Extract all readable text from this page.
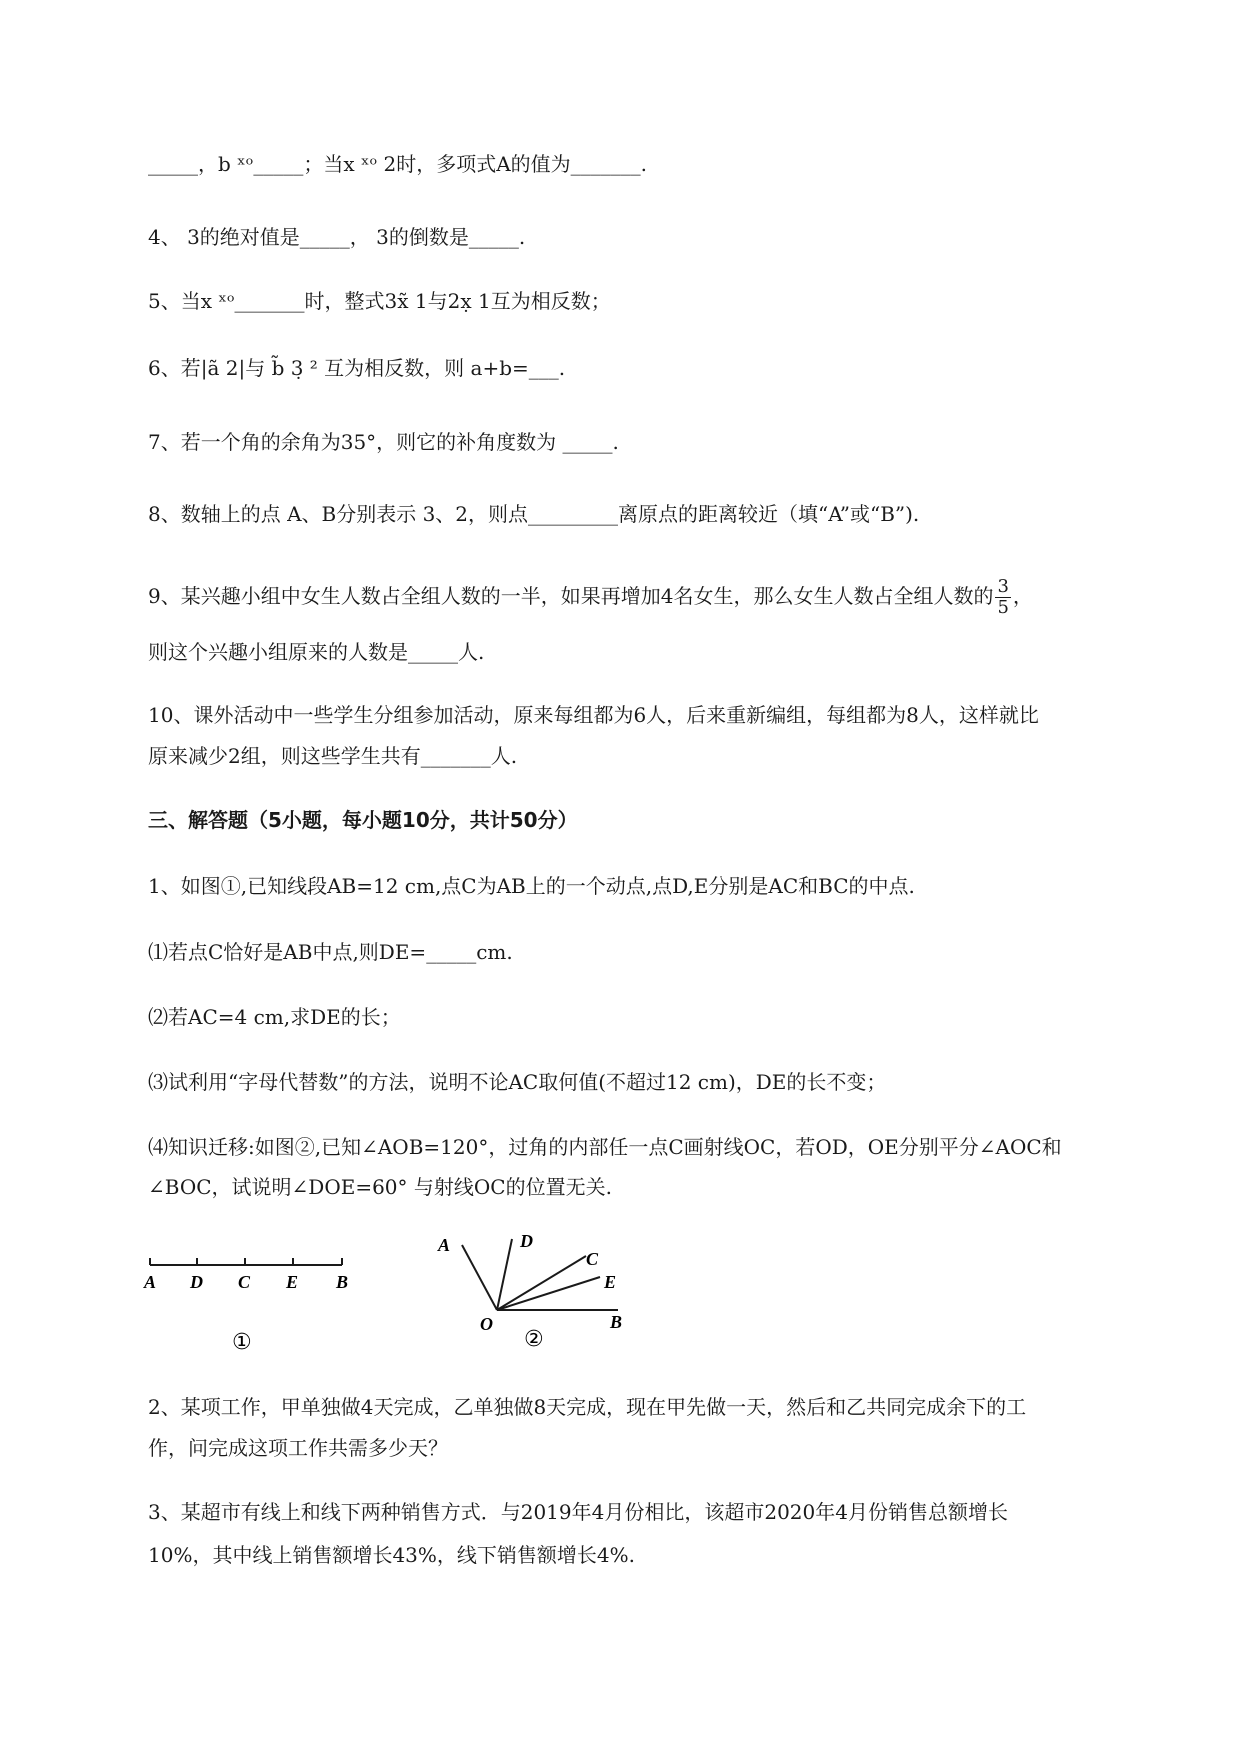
_____，b ˣᵒ_____；当x ˣᵒ 2时，多项式A的值为_______.
4、 3的绝对值是_____， 3的倒数是_____.
5、当x ˣᵒ_______时，整式3x̃ 1与2x̣ 1互为相反数；
6、若|ã 2|与 b̃ 3̣ ² 互为相反数，则 a+b=___.
7、若一个角的余角为35°，则它的补角度数为 _____.
8、数轴上的点 A、B分别表示 3、2，则点_________离原点的距离较近（填“A”或“B”).
9、某兴趣小组中女生人数占全组人数的一半，如果再增加4名女生，那么女生人数占全组人数的 $\frac{3}{5}$ ，
则这个兴趣小组原来的人数是_____人.
10、课外活动中一些学生分组参加活动，原来每组都为6人，后来重新编组，每组都为8人，这样就比
原来减少2组，则这些学生共有_______人.
三、解答题（5小题，每小题10分，共计50分）
1、如图①,已知线段AB=12 cm,点C为AB上的一个动点,点D,E分别是AC和BC的中点.
⑴若点C恰好是AB中点,则DE=_____cm.
⑵若AC=4 cm,求DE的长；
⑶试利用“字母代替数”的方法，说明不论AC取何值(不超过12 cm)，DE的长不变；
⑷知识迁移:如图②,已知∠AOB=120°，过角的内部任一点C画射线OC，若OD，OE分别平分∠AOC和
∠BOC，试说明∠DOE=60° 与射线OC的位置无关.
A D C E B
①
A	D
C
E
O	B
②
2、某项工作，甲单独做4天完成，乙单独做8天完成，现在甲先做一天，然后和乙共同完成余下的工
作，问完成这项工作共需多少天？
3、某超市有线上和线下两种销售方式．与2019年4月份相比，该超市2020年4月份销售总额增长
10%，其中线上销售额增长43%，线下销售额增长4%.
